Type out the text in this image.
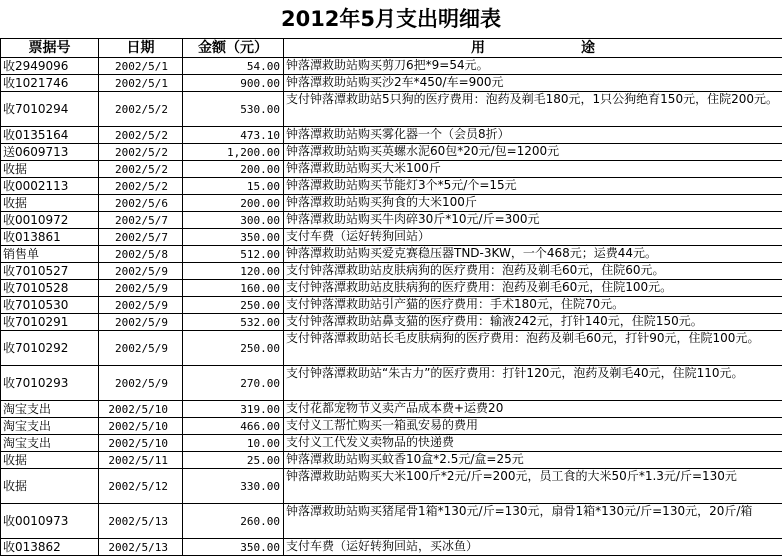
2012年5月支出明细表
票据号	日期	金额（元）	用 途
收2949096	2002/5/1	54.00	钟落潭救助站购买剪刀6把*9=54元。
收1021746	2002/5/1	900.00	钟落潭救助站购买沙2车*450/车=900元
收7010294	2002/5/2	530.00	支付钟落潭救助站5只狗的医疗费用：泡药及剃毛180元，1只公狗绝育150元，住院200元。
收0135164	2002/5/2	473.10	钟落潭救助站购买雾化器一个（会员8折）
送0609713	2002/5/2	1,200.00	钟落潭救助站购买英螺水泥60包*20元/包=1200元
收据	2002/5/2	200.00	钟落潭救助站购买大米100斤
收0002113	2002/5/2	15.00	钟落潭救助站购买节能灯3个*5元/个=15元
收据	2002/5/6	200.00	钟落潭救助站购买狗食的大米100斤
收0010972	2002/5/7	300.00	钟落潭救助站购买牛肉碎30斤*10元/斤=300元
收013861	2002/5/7	350.00	支付车费（运好转狗回站）
销售单	2002/5/8	512.00	钟落潭救助站购买爱克赛稳压器TND-3KW，一个468元；运费44元。
收7010527	2002/5/9	120.00	支付钟落潭救助站皮肤病狗的医疗费用：泡药及剃毛60元，住院60元。
收7010528	2002/5/9	160.00	支付钟落潭救助站皮肤病狗的医疗费用：泡药及剃毛60元，住院100元。
收7010530	2002/5/9	250.00	支付钟落潭救助站引产猫的医疗费用：手术180元，住院70元。
收7010291	2002/5/9	532.00	支付钟落潭救助站鼻支猫的医疗费用：输液242元，打针140元，住院150元。
收7010292	2002/5/9	250.00	支付钟落潭救助站长毛皮肤病狗的医疗费用：泡药及剃毛60元，打针90元，住院100元。
收7010293	2002/5/9	270.00	支付钟落潭救助站“朱古力”的医疗费用：打针120元，泡药及剃毛40元，住院110元。
淘宝支出	2002/5/10	319.00	支付花都宠物节义卖产品成本费+运费20
淘宝支出	2002/5/10	466.00	支付义工帮忙购买一箱虱安易的费用
淘宝支出	2002/5/10	10.00	支付义工代发义卖物品的快递费
收据	2002/5/11	25.00	钟落潭救助站购买蚊香10盒*2.5元/盒=25元
收据	2002/5/12	330.00	钟落潭救助站购买大米100斤*2元/斤=200元，员工食的大米50斤*1.3元/斤=130元
收0010973	2002/5/13	260.00	钟落潭救助站购买猪尾骨1箱*130元/斤=130元，扇骨1箱*130元/斤=130元，20斤/箱
收013862	2002/5/13	350.00	支付车费（运好转狗回站，买冰鱼）
